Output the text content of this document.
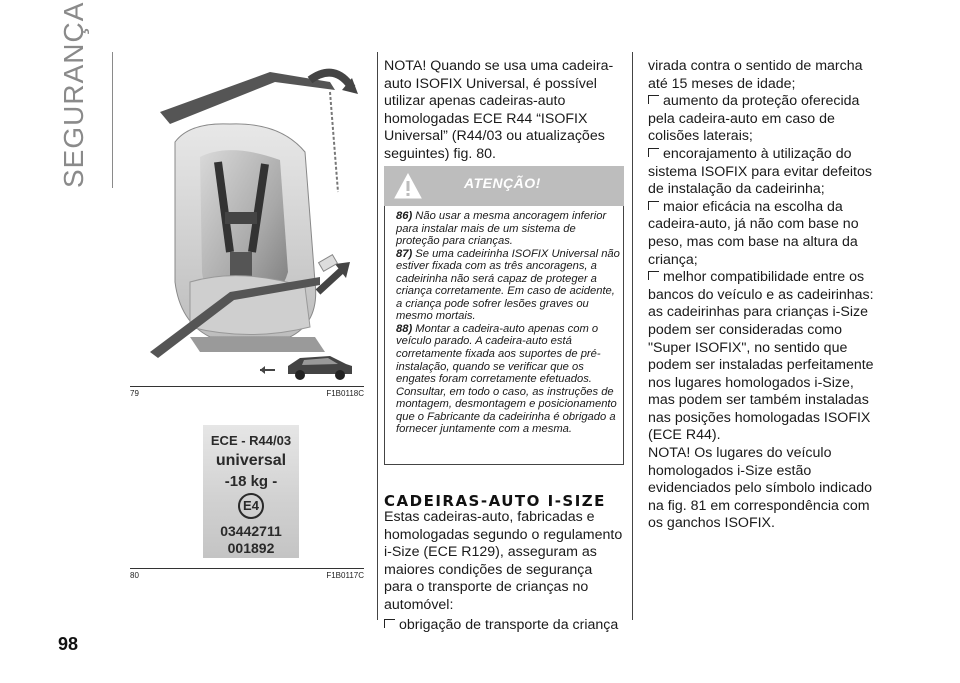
SEGURANÇA
79	F1B0118C
ECE - R44/03
universal
-18 kg -
E4
03442711
001892
80	F1B0117C

NOTA! Quando se usa uma cadeira-auto ISOFIX Universal, é possível utilizar apenas cadeiras-auto homologadas ECE R44 “ISOFIX Universal” (R44/03 ou atualizações seguintes) fig. 80.

ATENÇÃO!

86) Não usar a mesma ancoragem inferior para instalar mais de um sistema de proteção para crianças.

87) Se uma cadeirinha ISOFIX Universal não estiver fixada com as três ancoragens, a cadeirinha não será capaz de proteger a criança corretamente. Em caso de acidente, a criança pode sofrer lesões graves ou mesmo mortais.

88) Montar a cadeira-auto apenas com o veículo parado. A cadeira-auto está corretamente fixada aos suportes de pré-instalação, quando se verificar que os engates foram corretamente efetuados. Consultar, em todo o caso, as instruções de montagem, desmontagem e posicionamento que o Fabricante da cadeirinha é obrigado a fornecer juntamente com a mesma.

CADEIRAS-AUTO I-SIZE

Estas cadeiras-auto, fabricadas e homologadas segundo o regulamento i-Size (ECE R129), asseguram as maiores condições de segurança para o transporte de crianças no automóvel:

obrigação de transporte da criança

virada contra o sentido de marcha até 15 meses de idade;

aumento da proteção oferecida pela cadeira-auto em caso de colisões laterais;

encorajamento à utilização do sistema ISOFIX para evitar defeitos de instalação da cadeirinha;

maior eficácia na escolha da cadeira-auto, já não com base no peso, mas com base na altura da criança;

melhor compatibilidade entre os bancos do veículo e as cadeirinhas:

as cadeirinhas para crianças i-Size podem ser consideradas como "Super ISOFIX", no sentido que podem ser instaladas perfeitamente nos lugares homologados i-Size, mas podem ser também instaladas nas posições homologadas ISOFIX (ECE R44).

NOTA! Os lugares do veículo homologados i-Size estão evidenciados pelo símbolo indicado na fig. 81 em correspondência com os ganchos ISOFIX.

98
